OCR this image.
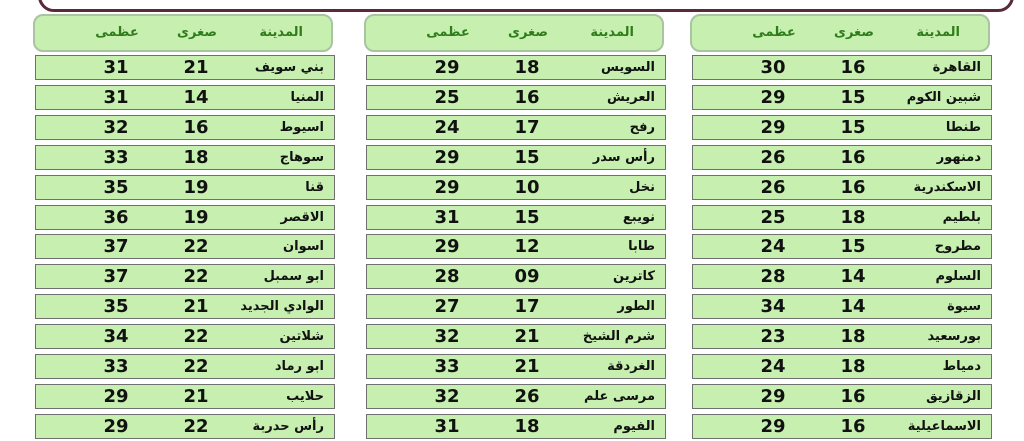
عظمى	صغرى	المدينة
30	16	القاهرة
29	15	شبين الكوم
29	15	طنطا
26	16	دمنهور
26	16	الاسكندرية
25	18	بلطيم
24	15	مطروح
28	14	السلوم
34	14	سيوة
23	18	بورسعيد
24	18	دمياط
29	16	الزقازيق
29	16	الاسماعيلية
عظمى	صغرى	المدينة
29	18	السويس
25	16	العريش
24	17	رفح
29	15	رأس سدر
29	10	نخل
31	15	نويبع
29	12	طابا
28	09	كاترين
27	17	الطور
32	21	شرم الشيخ
33	21	الغردقة
32	26	مرسى علم
31	18	الفيوم
عظمى	صغرى	المدينة
31	21	بني سويف
31	14	المنيا
32	16	اسيوط
33	18	سوهاج
35	19	قنا
36	19	الاقصر
37	22	اسوان
37	22	ابو سمبل
35	21	الوادي الجديد
34	22	شلاتين
33	22	ابو رماد
29	21	حلايب
29	22	رأس حدربة
